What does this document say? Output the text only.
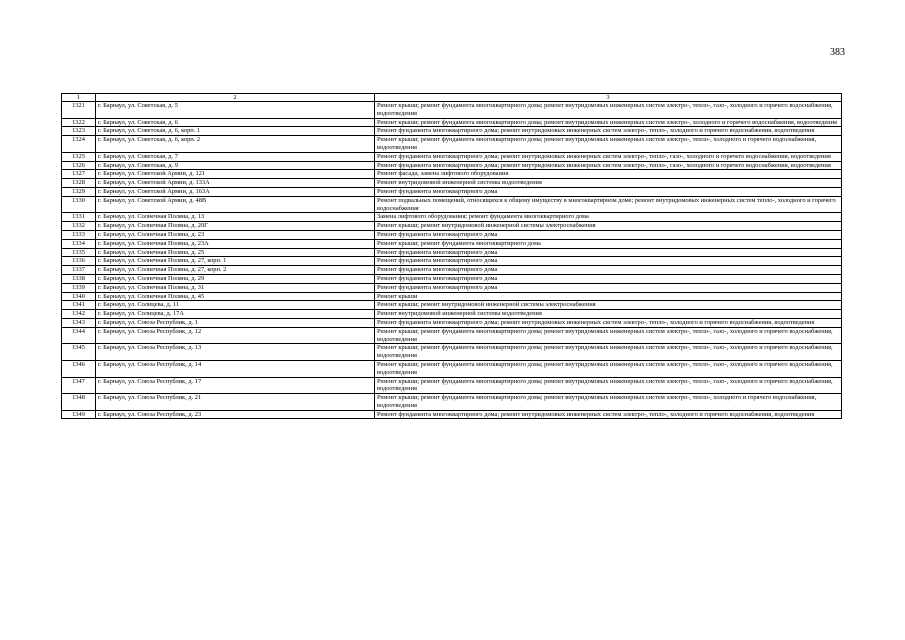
383
1	2	3
1321	г. Барнаул, ул. Советская, д. 5	Ремонт крыши; ремонт фундамента многоквартирного дома; ремонт внутридомовых инженерных систем электро-, тепло-, газо-, холодного и горячего водоснабжения, водоотведения
1322	г. Барнаул, ул. Советская, д. 6	Ремонт крыши; ремонт фундамента многоквартирного дома; ремонт внутридомовых инженерных систем электро-, холодного и горячего водоснабжения, водоотведения
1323	г. Барнаул, ул. Советская, д. 6, корп. 1	Ремонт фундамента многоквартирного дома; ремонт внутридомовых инженерных систем электро-, тепло-, холодного и горячего водоснабжения, водоотведения
1324	г. Барнаул, ул. Советская, д. 6, корп. 2	Ремонт крыши; ремонт фундамента многоквартирного дома; ремонт внутридомовых инженерных систем электро-, тепло-, холодного и горячего водоснабжения, водоотведения
1325	г. Барнаул, ул. Советская, д. 7	Ремонт фундамента многоквартирного дома; ремонт внутридомовых инженерных систем электро-, тепло-, газо-, холодного и горячего водоснабжения, водоотведения
1326	г. Барнаул, ул. Советская, д. 9	Ремонт фундамента многоквартирного дома; ремонт внутридомовых инженерных систем электро-, тепло-, газо-, холодного и горячего водоснабжения, водоотведения
1327	г. Барнаул, ул. Советской Армии, д. 121	Ремонт фасада; замена лифтового оборудования
1328	г. Барнаул, ул. Советской Армии, д. 133А	Ремонт внутридомовой инженерной системы водоотведения
1329	г. Барнаул, ул. Советской Армии, д. 163А	Ремонт фундамента многоквартирного дома
1330	г. Барнаул, ул. Советской Армии, д. 48В	Ремонт подвальных помещений, относящихся к общему имуществу в многоквартирном доме; ремонт внутридомовых инженерных систем тепло-, холодного и горячего водоснабжения
1331	г. Барнаул, ул. Солнечная Поляна, д. 13	Замена лифтового оборудования; ремонт фундамента многоквартирного дома
1332	г. Барнаул, ул. Солнечная Поляна, д. 20Г	Ремонт крыши; ремонт внутридомовой инженерной системы электроснабжения
1333	г. Барнаул, ул. Солнечная Поляна, д. 23	Ремонт фундамента многоквартирного дома
1334	г. Барнаул, ул. Солнечная Поляна, д. 23А	Ремонт крыши; ремонт фундамента многоквартирного дома
1335	г. Барнаул, ул. Солнечная Поляна, д. 25	Ремонт фундамента многоквартирного дома
1336	г. Барнаул, ул. Солнечная Поляна, д. 27, корп. 1	Ремонт фундамента многоквартирного дома
1337	г. Барнаул, ул. Солнечная Поляна, д. 27, корп. 2	Ремонт фундамента многоквартирного дома
1338	г. Барнаул, ул. Солнечная Поляна, д. 29	Ремонт фундамента многоквартирного дома
1339	г. Барнаул, ул. Солнечная Поляна, д. 31	Ремонт фундамента многоквартирного дома
1340	г. Барнаул, ул. Солнечная Поляна, д. 45	Ремонт крыши
1341	г. Барнаул, ул. Солнцева, д. 11	Ремонт крыши; ремонт внутридомовой инженерной системы электроснабжения
1342	г. Барнаул, ул. Солнцева, д. 17А	Ремонт внутридомовой инженерной системы водоотведения
1343	г. Барнаул, ул. Союза Республик, д. 1	Ремонт фундамента многоквартирного дома; ремонт внутридомовых инженерных систем электро-, тепло-, холодного и горячего водоснабжения, водоотведения
1344	г. Барнаул, ул. Союза Республик, д. 12	Ремонт крыши; ремонт фундамента многоквартирного дома; ремонт внутридомовых инженерных систем электро-, тепло-, газо-, холодного и горячего водоснабжения, водоотведения
1345	г. Барнаул, ул. Союза Республик, д. 13	Ремонт крыши; ремонт фундамента многоквартирного дома; ремонт внутридомовых инженерных систем электро-, тепло-, газо-, холодного и горячего водоснабжения, водоотведения
1346	г. Барнаул, ул. Союза Республик, д. 14	Ремонт крыши; ремонт фундамента многоквартирного дома; ремонт внутридомовых инженерных систем электро-, тепло-, газо-, холодного и горячего водоснабжения, водоотведения
1347	г. Барнаул, ул. Союза Республик, д. 17	Ремонт крыши; ремонт фундамента многоквартирного дома; ремонт внутридомовых инженерных систем электро-, тепло-, газо-, холодного и горячего водоснабжения, водоотведения
1348	г. Барнаул, ул. Союза Республик, д. 21	Ремонт крыши; ремонт фундамента многоквартирного дома; ремонт внутридомовых инженерных систем электро-, тепло-, холодного и горячего водоснабжения, водоотведения
1349	г. Барнаул, ул. Союза Республик, д. 23	Ремонт фундамента многоквартирного дома; ремонт внутридомовых инженерных систем электро-, тепло-, холодного и горячего водоснабжения, водоотведения
